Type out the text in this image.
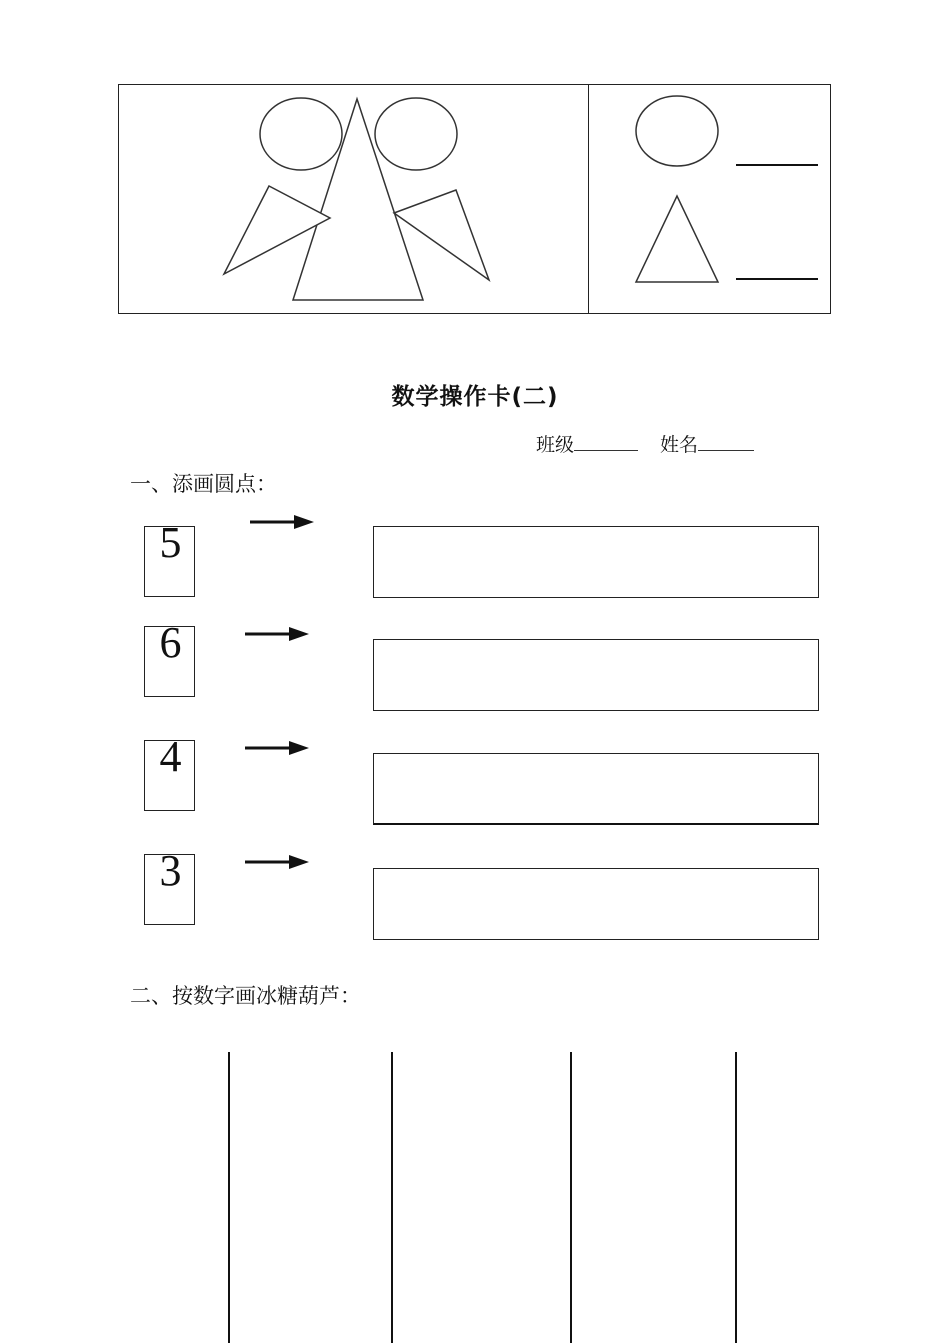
数学操作卡(二)
班级	姓名
一、添画圆点：
5
6
4
3
二、按数字画冰糖葫芦：
